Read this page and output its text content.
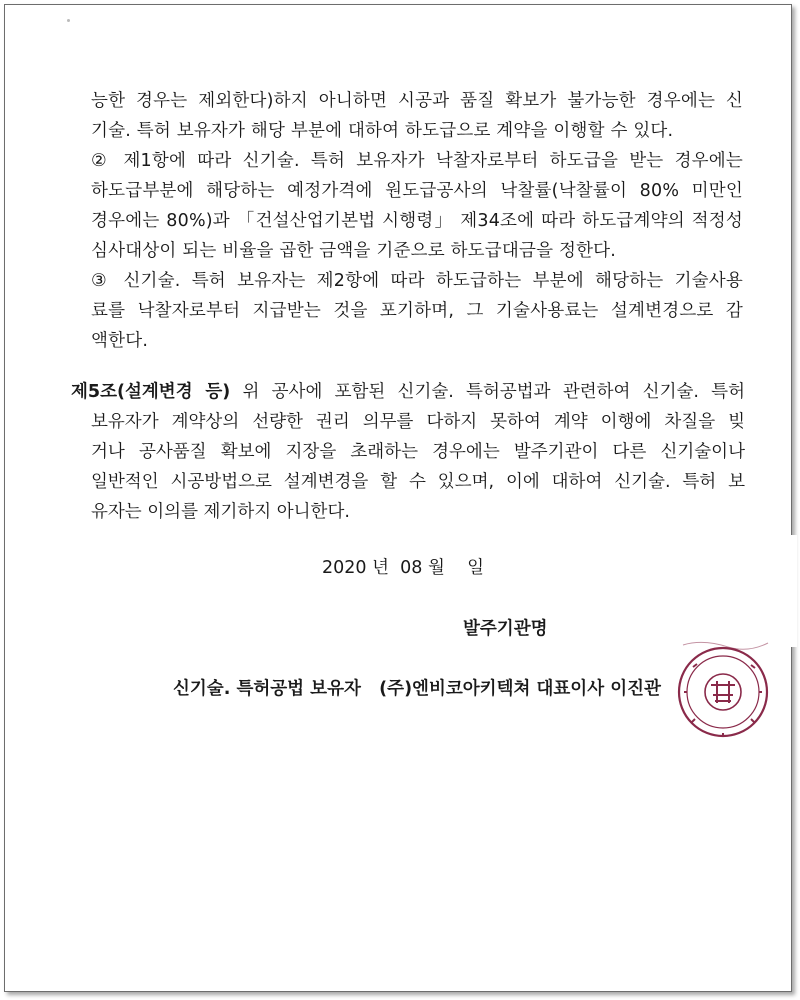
능한 경우는 제외한다)하지 아니하면 시공과 품질 확보가 불가능한 경우에는 신
기술. 특허 보유자가 해당 부분에 대하여 하도급으로 계약을 이행할 수 있다.
② 제1항에 따라 신기술. 특허 보유자가 낙찰자로부터 하도급을 받는 경우에는
하도급부분에 해당하는 예정가격에 원도급공사의 낙찰률(낙찰률이 80% 미만인
경우에는 80%)과 「건설산업기본법 시행령」 제34조에 따라 하도급계약의 적정성
심사대상이 되는 비율을 곱한 금액을 기준으로 하도급대금을 정한다.
③ 신기술. 특허 보유자는 제2항에 따라 하도급하는 부분에 해당하는 기술사용
료를 낙찰자로부터 지급받는 것을 포기하며, 그 기술사용료는 설계변경으로 감
액한다.
제5조(설계변경 등) 위 공사에 포함된 신기술. 특허공법과 관련하여 신기술. 특허
보유자가 계약상의 선량한 권리 의무를 다하지 못하여 계약 이행에 차질을 빚
거나 공사품질 확보에 지장을 초래하는 경우에는 발주기관이 다른 신기술이나
일반적인 시공방법으로 설계변경을 할 수 있으며, 이에 대하여 신기술. 특허 보
유자는 이의를 제기하지 아니한다.
2020 년  08 월    일
발주기관명
신기술. 특허공법 보유자   (주)엔비코아키텍쳐 대표이사 이진관
